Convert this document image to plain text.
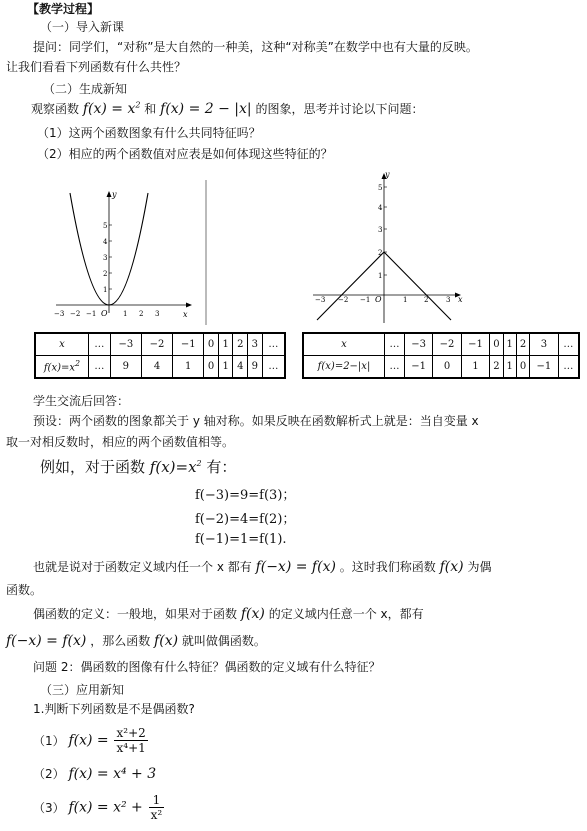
【教学过程】
（一）导入新课
提问：同学们，“对称”是大自然的一种美，这种“对称美”在数学中也有大量的反映。
让我们看看下列函数有什么共性？
（二）生成新知
观察函数 $f(x) = x^2$ 和 f(x) = 2 − |x| 的图象，思考并讨论以下问题：
（1）这两个函数图象有什么共同特征吗？
（2）相应的两个函数值对应表是如何体现这些特征的？
x
y
O
−3 −2 −1	1 2 3
1
2
3
4
5
y
x
O
−3 −2 −1	1 2	3
1
2
3
4
5
x	…	−3	−2	−1	0	1	2	3	…
$f(x)=x^2$	…	9	4	1	0	1	4	9	…
x	…	−3	−2	−1	0	1	2	3	…
f(x)=2−|x|	…	−1	0	1	2	1	0	−1	…
学生交流后回答：
预设：两个函数的图象都关于 y 轴对称。如果反映在函数解析式上就是：当自变量 x
取一对相反数时，相应的两个函数值相等。
例如，对于函数 $f(x)=x^2$ 有：
f(−3)=9=f(3)；
f(−2)=4=f(2)；
f(−1)=1=f(1).
也就是说对于函数定义域内任一个 x 都有 f(−x) = f(x) 。这时我们称函数 f(x) 为偶
函数。
偶函数的定义：一般地，如果对于函数 f(x) 的定义域内任意一个 x，都有
f(−x) = f(x) ，那么函数 f(x) 就叫做偶函数。
问题 2：偶函数的图像有什么特征？偶函数的定义域有什么特征？
（三）应用新知
1.判断下列函数是不是偶函数?
（1） $f(x) = \frac{\text{x²+2}}{\text{x⁴+1}}$
（2） f(x) = x⁴ + 3
（3） $f(x) = x^2 + \frac{1}{\text{x²}}$
